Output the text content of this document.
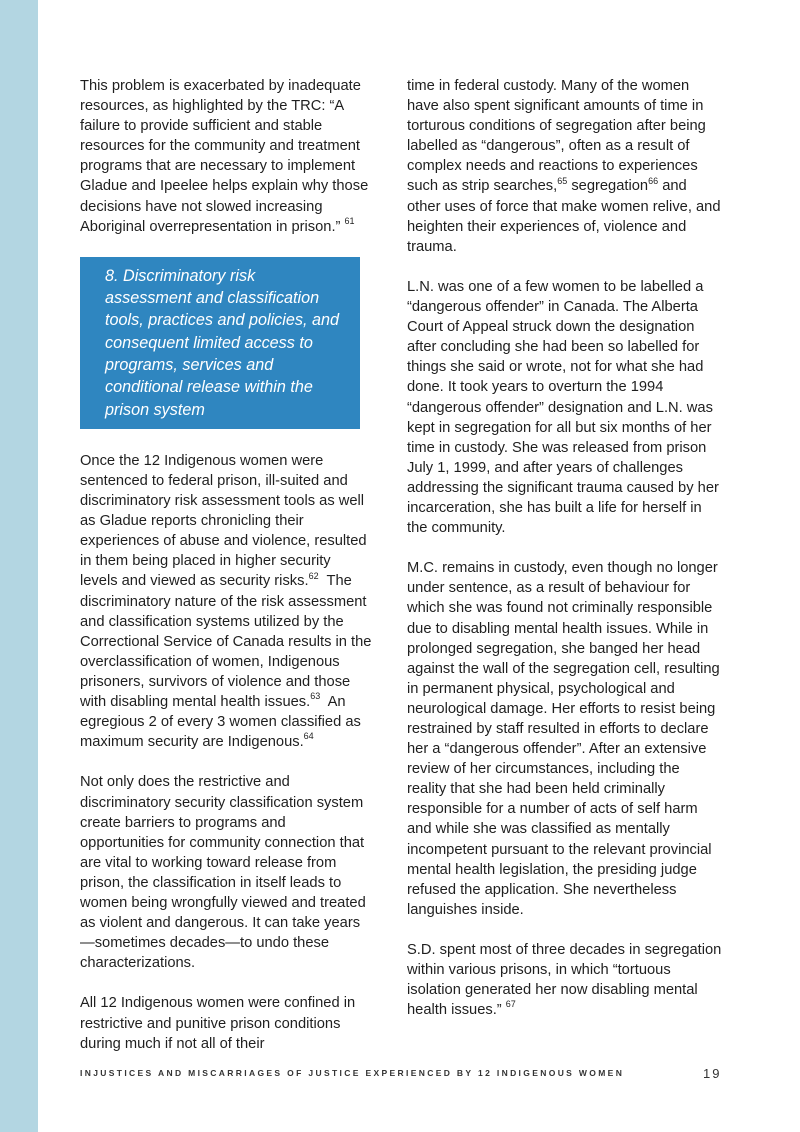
This problem is exacerbated by inadequate resources, as highlighted by the TRC: “A failure to provide sufficient and stable resources for the community and treatment programs that are necessary to implement Gladue and Ipeelee helps explain why those decisions have not slowed increasing Aboriginal overrepresentation in prison.” $^{61}$

8. Discriminatory risk assessment and classification tools, practices and policies, and consequent limited access to programs, services and conditional release within the prison system

Once the 12 Indigenous women were sentenced to federal prison, ill-suited and discriminatory risk assessment tools as well as Gladue reports chronicling their experiences of abuse and violence, resulted in them being placed in higher security levels and viewed as security risks.$^{62}$ The discriminatory nature of the risk assessment and classification systems utilized by the Correctional Service of Canada results in the overclassification of women, Indigenous prisoners, survivors of violence and those with disabling mental health issues.$^{63}$ An egregious 2 of every 3 women classified as maximum security are Indigenous.$^{64}$

Not only does the restrictive and discriminatory security classification system create barriers to programs and opportunities for community connection that are vital to working toward release from prison, the classification in itself leads to women being wrongfully viewed and treated as violent and dangerous. It can take years—sometimes decades—to undo these characterizations.

All 12 Indigenous women were confined in restrictive and punitive prison conditions during much if not all of their

time in federal custody. Many of the women have also spent significant amounts of time in torturous conditions of segregation after being labelled as “dangerous”, often as a result of complex needs and reactions to experiences such as strip searches,$^{65}$ segregation$^{66}$ and other uses of force that make women relive, and heighten their experiences of, violence and trauma.

L.N. was one of a few women to be labelled a “dangerous offender” in Canada. The Alberta Court of Appeal struck down the designation after concluding she had been so labelled for things she said or wrote, not for what she had done. It took years to overturn the 1994 “dangerous offender” designation and L.N. was kept in segregation for all but six months of her time in custody. She was released from prison July 1, 1999, and after years of challenges addressing the significant trauma caused by her incarceration, she has built a life for herself in the community.

M.C. remains in custody, even though no longer under sentence, as a result of behaviour for which she was found not criminally responsible due to disabling mental health issues. While in prolonged segregation, she banged her head against the wall of the segregation cell, resulting in permanent physical, psychological and neurological damage. Her efforts to resist being restrained by staff resulted in efforts to declare her a “dangerous offender”. After an extensive review of her circumstances, including the reality that she had been held criminally responsible for a number of acts of self harm and while she was classified as mentally incompetent pursuant to the relevant provincial mental health legislation, the presiding judge refused the application. She nevertheless languishes inside.

S.D. spent most of three decades in segregation within various prisons, in which “tortuous isolation generated her now disabling mental health issues.” $^{67}$

INJUSTICES AND MISCARRIAGES OF JUSTICE EXPERIENCED BY 12 INDIGENOUS WOMEN	19
